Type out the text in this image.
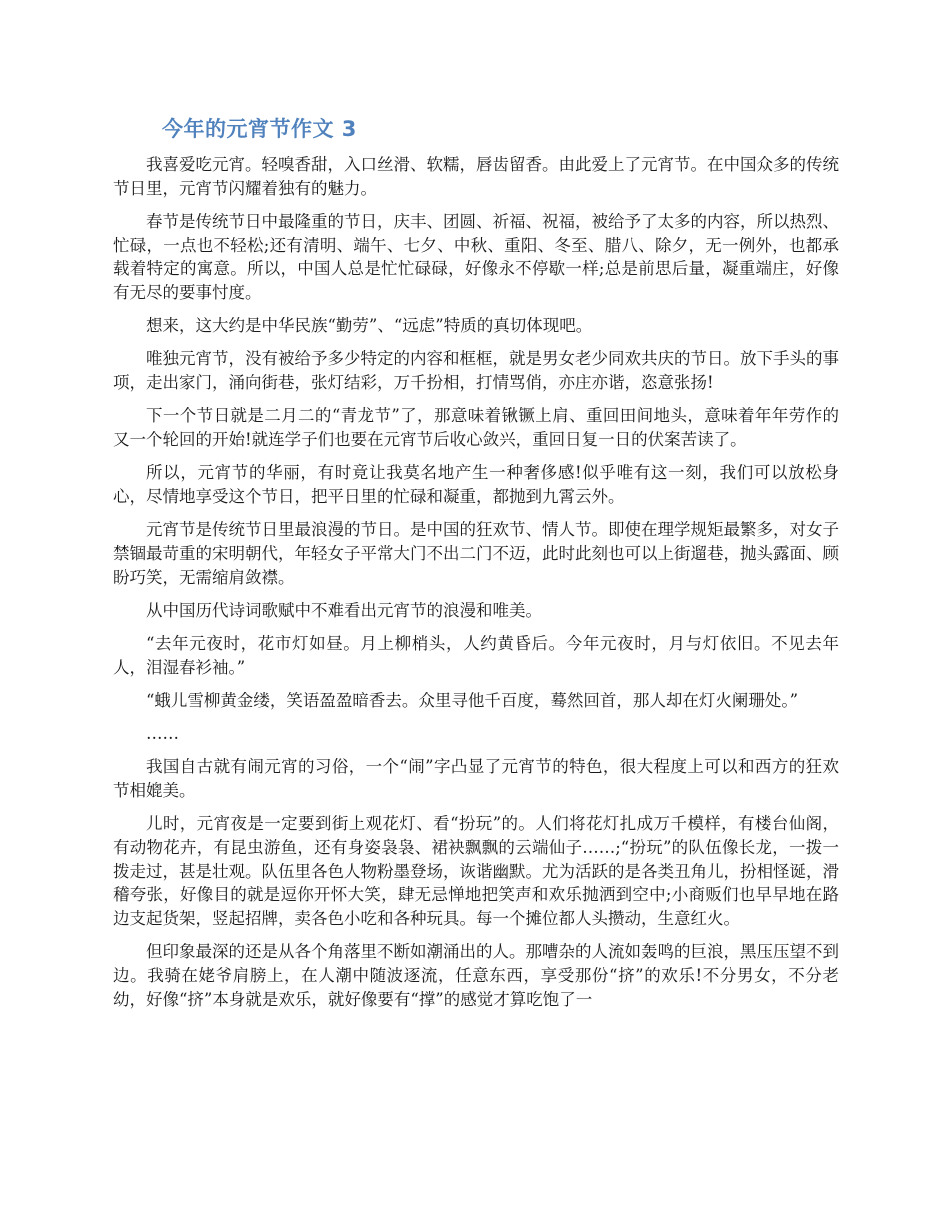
今年的元宵节作文 3

我喜爱吃元宵。轻嗅香甜，入口丝滑、软糯，唇齿留香。由此爱上了元宵节。在中国众多的传统节日里，元宵节闪耀着独有的魅力。

春节是传统节日中最隆重的节日，庆丰、团圆、祈福、祝福，被给予了太多的内容，所以热烈、忙碌，一点也不轻松;还有清明、端午、七夕、中秋、重阳、冬至、腊八、除夕，无一例外，也都承载着特定的寓意。所以，中国人总是忙忙碌碌，好像永不停歇一样;总是前思后量，凝重端庄，好像有无尽的要事忖度。

想来，这大约是中华民族“勤劳”、“远虑”特质的真切体现吧。

唯独元宵节，没有被给予多少特定的内容和框框，就是男女老少同欢共庆的节日。放下手头的事项，走出家门，涌向街巷，张灯结彩，万千扮相，打情骂俏，亦庄亦谐，恣意张扬!

下一个节日就是二月二的“青龙节”了，那意味着锹镢上肩、重回田间地头，意味着年年劳作的又一个轮回的开始!就连学子们也要在元宵节后收心敛兴，重回日复一日的伏案苦读了。

所以，元宵节的华丽，有时竟让我莫名地产生一种奢侈感!似乎唯有这一刻，我们可以放松身心，尽情地享受这个节日，把平日里的忙碌和凝重，都抛到九霄云外。

元宵节是传统节日里最浪漫的节日。是中国的狂欢节、情人节。即使在理学规矩最繁多，对女子禁锢最苛重的宋明朝代，年轻女子平常大门不出二门不迈，此时此刻也可以上街遛巷，抛头露面、顾盼巧笑，无需缩肩敛襟。

从中国历代诗词歌赋中不难看出元宵节的浪漫和唯美。

“去年元夜时，花市灯如昼。月上柳梢头，人约黄昏后。今年元夜时，月与灯依旧。不见去年人，泪湿春衫袖。”

“蛾儿雪柳黄金缕，笑语盈盈暗香去。众里寻他千百度，蓦然回首，那人却在灯火阑珊处。”

……

我国自古就有闹元宵的习俗，一个“闹”字凸显了元宵节的特色，很大程度上可以和西方的狂欢节相媲美。

儿时，元宵夜是一定要到街上观花灯、看“扮玩”的。人们将花灯扎成万千模样，有楼台仙阁，有动物花卉，有昆虫游鱼，还有身姿袅袅、裙袂飘飘的云端仙子……;“扮玩”的队伍像长龙，一拨一拨走过，甚是壮观。队伍里各色人物粉墨登场，诙谐幽默。尤为活跃的是各类丑角儿，扮相怪诞，滑稽夸张，好像目的就是逗你开怀大笑，肆无忌惮地把笑声和欢乐抛洒到空中;小商贩们也早早地在路边支起货架，竖起招牌，卖各色小吃和各种玩具。每一个摊位都人头攒动，生意红火。

但印象最深的还是从各个角落里不断如潮涌出的人。那嘈杂的人流如轰鸣的巨浪，黑压压望不到边。我骑在姥爷肩膀上，在人潮中随波逐流，任意东西，享受那份“挤”的欢乐!不分男女，不分老幼，好像“挤”本身就是欢乐，就好像要有“撑”的感觉才算吃饱了一
